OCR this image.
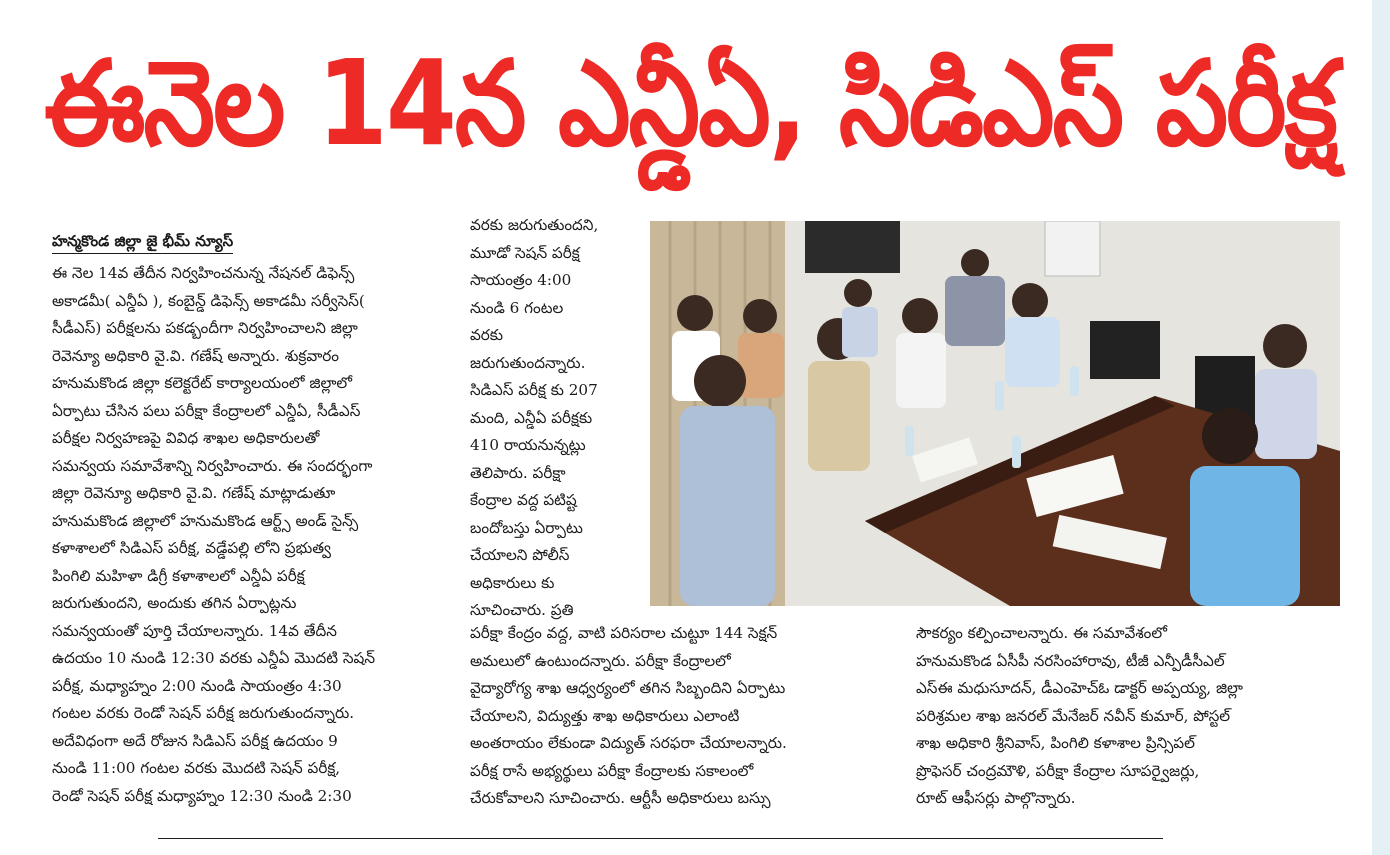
ఈనెల 14న ఎన్డీఏ, సిడిఎస్ పరీక్ష
హన్మకొండ జిల్లా జై భీమ్ న్యూస్

ఈ నెల 14వ తేదీన నిర్వహించనున్న నేషనల్ డిఫెన్స్

అకాడమీ( ఎన్డీఏ ), కంబైన్డ్ డిఫెన్స్ అకాడమీ సర్వీసెస్(

సీడీఎస్) పరీక్షలను పకడ్బందీగా నిర్వహించాలని జిల్లా

రెవెన్యూ అధికారి వై.వి. గణేష్ అన్నారు. శుక్రవారం

హనుమకొండ జిల్లా కలెక్టరేట్ కార్యాలయంలో జిల్లాలో

ఏర్పాటు చేసిన పలు పరీక్షా కేంద్రాలలో ఎన్డీఏ, సీడీఎస్

పరీక్షల నిర్వహణపై వివిధ శాఖల అధికారులతో

సమన్వయ సమావేశాన్ని నిర్వహించారు. ఈ సందర్భంగా

జిల్లా రెవెన్యూ అధికారి వై.వి. గణేష్ మాట్లాడుతూ

హనుమకొండ జిల్లాలో హనుమకొండ ఆర్ట్స్ అండ్ సైన్స్

కళాశాలలో సిడిఎస్ పరీక్ష, వడ్డేపల్లి లోని ప్రభుత్వ

పింగిలి మహిళా డిగ్రీ కళాశాలలో ఎన్డీఏ పరీక్ష

జరుగుతుందని, అందుకు తగిన ఏర్పాట్లను

సమన్వయంతో పూర్తి చేయాలన్నారు. 14వ తేదీన

ఉదయం 10 నుండి 12:30 వరకు ఎన్డీఏ మొదటి సెషన్

పరీక్ష, మధ్యాహ్నం 2:00 నుండి సాయంత్రం 4:30

గంటల వరకు రెండో సెషన్ పరీక్ష జరుగుతుందన్నారు.

అదేవిధంగా అదే రోజున సిడిఎస్ పరీక్ష ఉదయం 9

నుండి 11:00 గంటల వరకు మొదటి సెషన్ పరీక్ష,

రెండో సెషన్ పరీక్ష మధ్యాహ్నం 12:30 నుండి 2:30

వరకు జరుగుతుందని,

మూడో సెషన్ పరీక్ష

సాయంత్రం 4:00

నుండి 6 గంటల

వరకు

జరుగుతుందన్నారు.

సిడిఎస్ పరీక్ష కు 207

మంది, ఎన్డీఏ పరీక్షకు

410 రాయనున్నట్లు

తెలిపారు. పరీక్షా

కేంద్రాల వద్ద పటిష్ట

బందోబస్తు ఏర్పాటు

చేయాలని పోలీస్

అధికారులు కు

సూచించారు. ప్రతి

పరీక్షా కేంద్రం వద్ద, వాటి పరిసరాల చుట్టూ 144 సెక్షన్

అమలులో ఉంటుందన్నారు. పరీక్షా కేంద్రాలలో

వైద్యారోగ్య శాఖ ఆధ్వర్యంలో తగిన సిబ్బందిని ఏర్పాటు

చేయాలని, విద్యుత్తు శాఖ అధికారులు ఎలాంటి

అంతరాయం లేకుండా విద్యుత్ సరఫరా చేయాలన్నారు.

పరీక్ష రాసే అభ్యర్థులు పరీక్షా కేంద్రాలకు సకాలంలో

చేరుకోవాలని సూచించారు. ఆర్టీసీ అధికారులు బస్సు

సౌకర్యం కల్పించాలన్నారు. ఈ సమావేశంలో

హనుమకొండ ఏసీపీ నరసింహారావు, టీజీ ఎన్పీడీసీఎల్

ఎస్ఈ మధుసూదన్, డీఎంహెచ్ఓ డాక్టర్ అప్పయ్య, జిల్లా

పరిశ్రమల శాఖ జనరల్ మేనేజర్ నవీన్ కుమార్, పోస్టల్

శాఖ అధికారి శ్రీనివాస్, పింగిలి కళాశాల ప్రిన్సిపల్

ప్రొఫెసర్ చంద్రమౌళి, పరీక్షా కేంద్రాల సూపర్వైజర్లు,

రూట్ ఆఫీసర్లు పాల్గొన్నారు.
